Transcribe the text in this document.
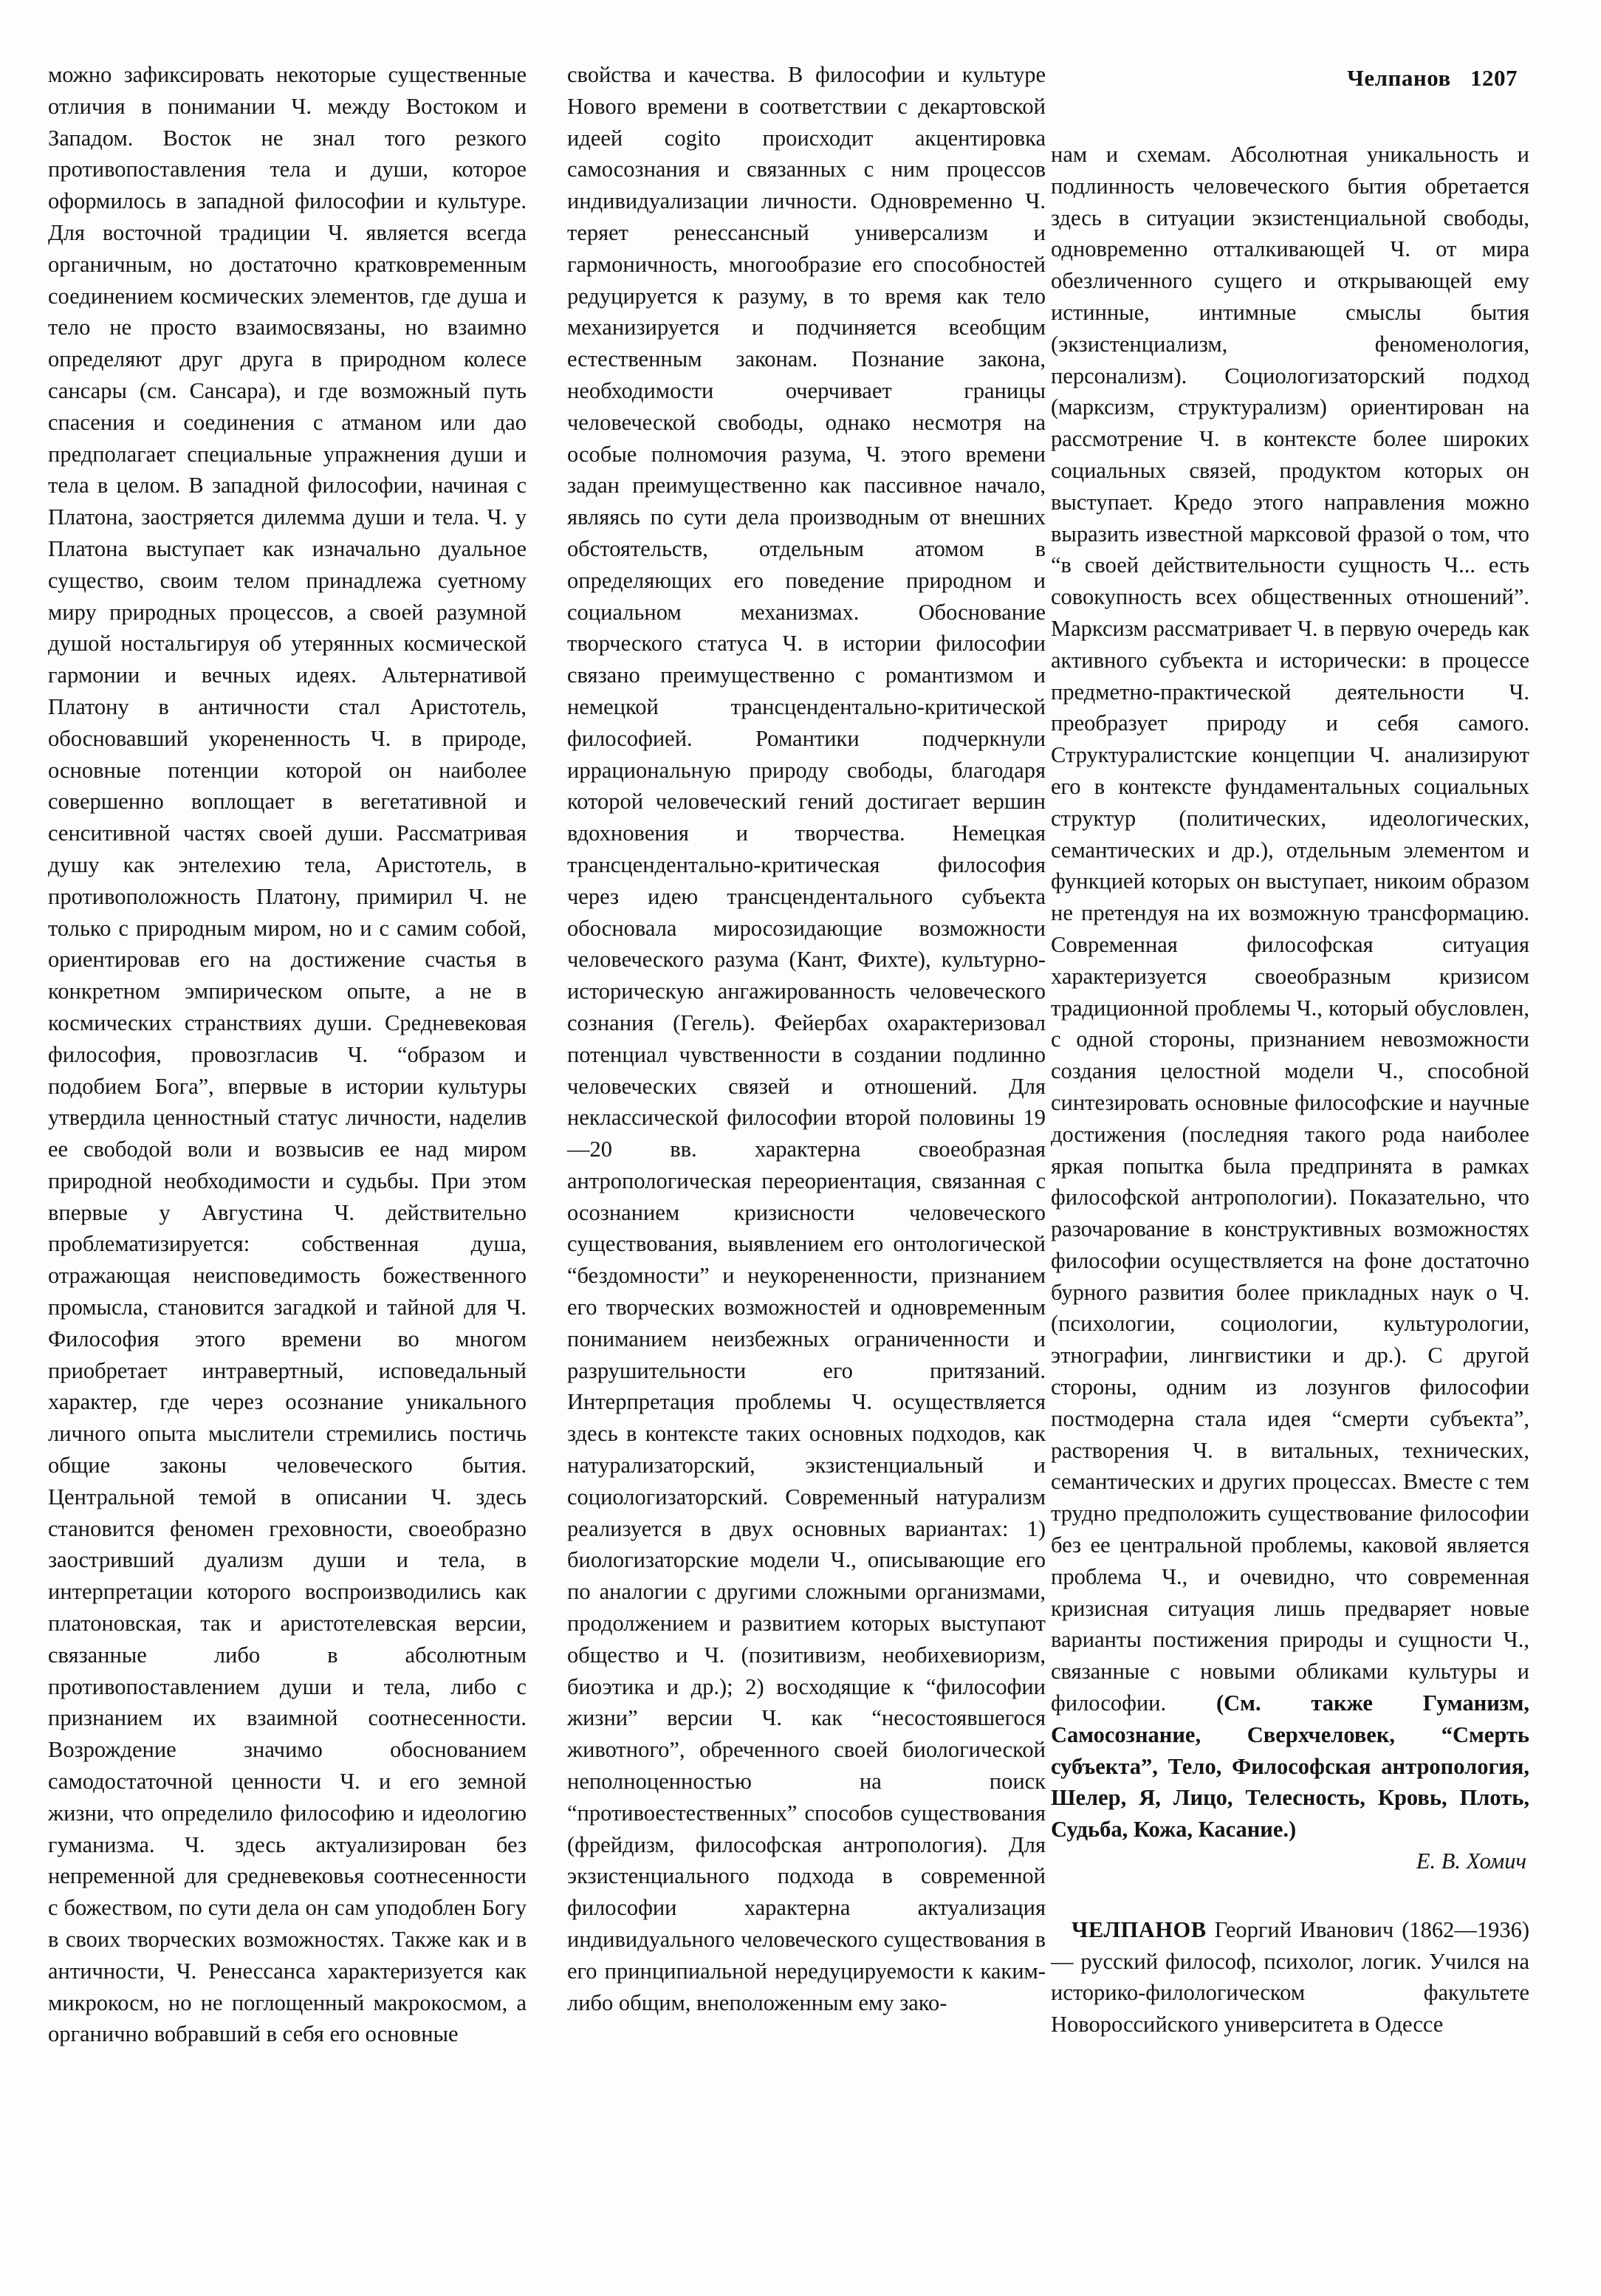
Челпанов 1207

можно зафиксировать некоторые существенные отличия в понимании Ч. между Востоком и Западом. Восток не знал того резкого противопоставления тела и души, которое оформилось в западной философии и культуре. Для восточной традиции Ч. является всегда органичным, но достаточно кратковременным соединением космических элементов, где душа и тело не просто взаимосвязаны, но взаимно определяют друг друга в природном колесе сансары (см. Сансара), и где возможный путь спасения и соединения с атманом или дао предполагает специальные упражнения души и тела в целом. В западной философии, начиная с Платона, заостряется дилемма души и тела. Ч. у Платона выступает как изначально дуальное существо, своим телом принадлежа суетному миру природных процессов, а своей разумной душой ностальгируя об утерянных космической гармонии и вечных идеях. Альтернативой Платону в античности стал Аристотель, обосновавший укорененность Ч. в природе, основные потенции которой он наиболее совершенно воплощает в вегетативной и сенситивной частях своей души. Рассматривая душу как энтелехию тела, Аристотель, в противоположность Платону, примирил Ч. не только с природным миром, но и с самим собой, ориентировав его на достижение счастья в конкретном эмпирическом опыте, а не в космических странствиях души. Средневековая философия, провозгласив Ч. “образом и подобием Бога”, впервые в истории культуры утвердила ценностный статус личности, наделив ее свободой воли и возвысив ее над миром природной необходимости и судьбы. При этом впервые у Августина Ч. действительно проблематизируется: собственная душа, отражающая неисповедимость божественного промысла, становится загадкой и тайной для Ч. Философия этого времени во многом приобретает интравертный, исповедальный характер, где через осознание уникального личного опыта мыслители стремились постичь общие законы человеческого бытия. Центральной темой в описании Ч. здесь становится феномен греховности, своеобразно заостривший дуализм души и тела, в интерпретации которого воспроизводились как платоновская, так и аристотелевская версии, связанные либо в абсолютным противопоставлением души и тела, либо с признанием их взаимной соотнесенности. Возрождение значимо обоснованием самодостаточной ценности Ч. и его земной жизни, что определило философию и идеологию гуманизма. Ч. здесь актуализирован без непременной для средневековья соотнесенности с божеством, по сути дела он сам уподоблен Богу в своих творческих возможностях. Также как и в античности, Ч. Ренессанса характеризуется как микрокосм, но не поглощенный макрокосмом, а органично вобравший в себя его основные

свойства и качества. В философии и культуре Нового времени в соответствии с декартовской идеей cogito происходит акцентировка самосознания и связанных с ним процессов индивидуализации личности. Одновременно Ч. теряет ренессансный универсализм и гармоничность, многообразие его способностей редуцируется к разуму, в то время как тело механизируется и подчиняется всеобщим естественным законам. Познание закона, необходимости очерчивает границы человеческой свободы, однако несмотря на особые полномочия разума, Ч. этого времени задан преимущественно как пассивное начало, являясь по сути дела производным от внешних обстоятельств, отдельным атомом в определяющих его поведение природном и социальном механизмах. Обоснование творческого статуса Ч. в истории философии связано преимущественно с романтизмом и немецкой трансцендентально-критической философией. Романтики подчеркнули иррациональную природу свободы, благодаря которой человеческий гений достигает вершин вдохновения и творчества. Немецкая трансцендентально-критическая философия через идею трансцендентального субъекта обосновала миросозидающие возможности человеческого разума (Кант, Фихте), культурно-историческую ангажированность человеческого сознания (Гегель). Фейербах охарактеризовал потенциал чувственности в создании подлинно человеческих связей и отношений. Для неклассической философии второй половины 19—20 вв. характерна своеобразная антропологическая переориентация, связанная с осознанием кризисности человеческого существования, выявлением его онтологической “бездомности” и неукорененности, признанием его творческих возможностей и одновременным пониманием неизбежных ограниченности и разрушительности его притязаний. Интерпретация проблемы Ч. осуществляется здесь в контексте таких основных подходов, как натурализаторский, экзистенциальный и социологизаторский. Современный натурализм реализуется в двух основных вариантах: 1) биологизаторские модели Ч., описывающие его по аналогии с другими сложными организмами, продолжением и развитием которых выступают общество и Ч. (позитивизм, необихевиоризм, биоэтика и др.); 2) восходящие к “философии жизни” версии Ч. как “несостоявшегося животного”, обреченного своей биологической неполноценностью на поиск “противоестественных” способов существования (фрейдизм, философская антропология). Для экзистенциального подхода в современной философии характерна актуализация индивидуального человеческого существования в его принципиальной нередуцируемости к каким-либо общим, внеположенным ему зако-

нам и схемам. Абсолютная уникальность и подлинность человеческого бытия обретается здесь в ситуации экзистенциальной свободы, одновременно отталкивающей Ч. от мира обезличенного сущего и открывающей ему истинные, интимные смыслы бытия (экзистенциализм, феноменология, персонализм). Социологизаторский подход (марксизм, структурализм) ориентирован на рассмотрение Ч. в контексте более широких социальных связей, продуктом которых он выступает. Кредо этого направления можно выразить известной марксовой фразой о том, что “в своей действительности сущность Ч... есть совокупность всех общественных отношений”. Марксизм рассматривает Ч. в первую очередь как активного субъекта и исторически: в процессе предметно-практической деятельности Ч. преобразует природу и себя самого. Структуралистские концепции Ч. анализируют его в контексте фундаментальных социальных структур (политических, идеологических, семантических и др.), отдельным элементом и функцией которых он выступает, никоим образом не претендуя на их возможную трансформацию. Современная философская ситуация характеризуется своеобразным кризисом традиционной проблемы Ч., который обусловлен, с одной стороны, признанием невозможности создания целостной модели Ч., способной синтезировать основные философские и научные достижения (последняя такого рода наиболее яркая попытка была предпринята в рамках философской антропологии). Показательно, что разочарование в конструктивных возможностях философии осуществляется на фоне достаточно бурного развития более прикладных наук о Ч. (психологии, социологии, культурологии, этнографии, лингвистики и др.). С другой стороны, одним из лозунгов философии постмодерна стала идея “смерти субъекта”, растворения Ч. в витальных, технических, семантических и других процессах. Вместе с тем трудно предположить существование философии без ее центральной проблемы, каковой является проблема Ч., и очевидно, что современная кризисная ситуация лишь предваряет новые варианты постижения природы и сущности Ч., связанные с новыми обликами культуры и философии. (См. также Гуманизм, Самосознание, Сверхчеловек, “Смерть субъекта”, Тело, Философская антропология, Шелер, Я, Лицо, Телесность, Кровь, Плоть, Судьба, Кожа, Касание.)

Е. В. Хомич

ЧЕЛПАНОВ Георгий Иванович (1862—1936) — русский философ, психолог, логик. Учился на историко-филологическом факультете Новороссийского университета в Одессе
